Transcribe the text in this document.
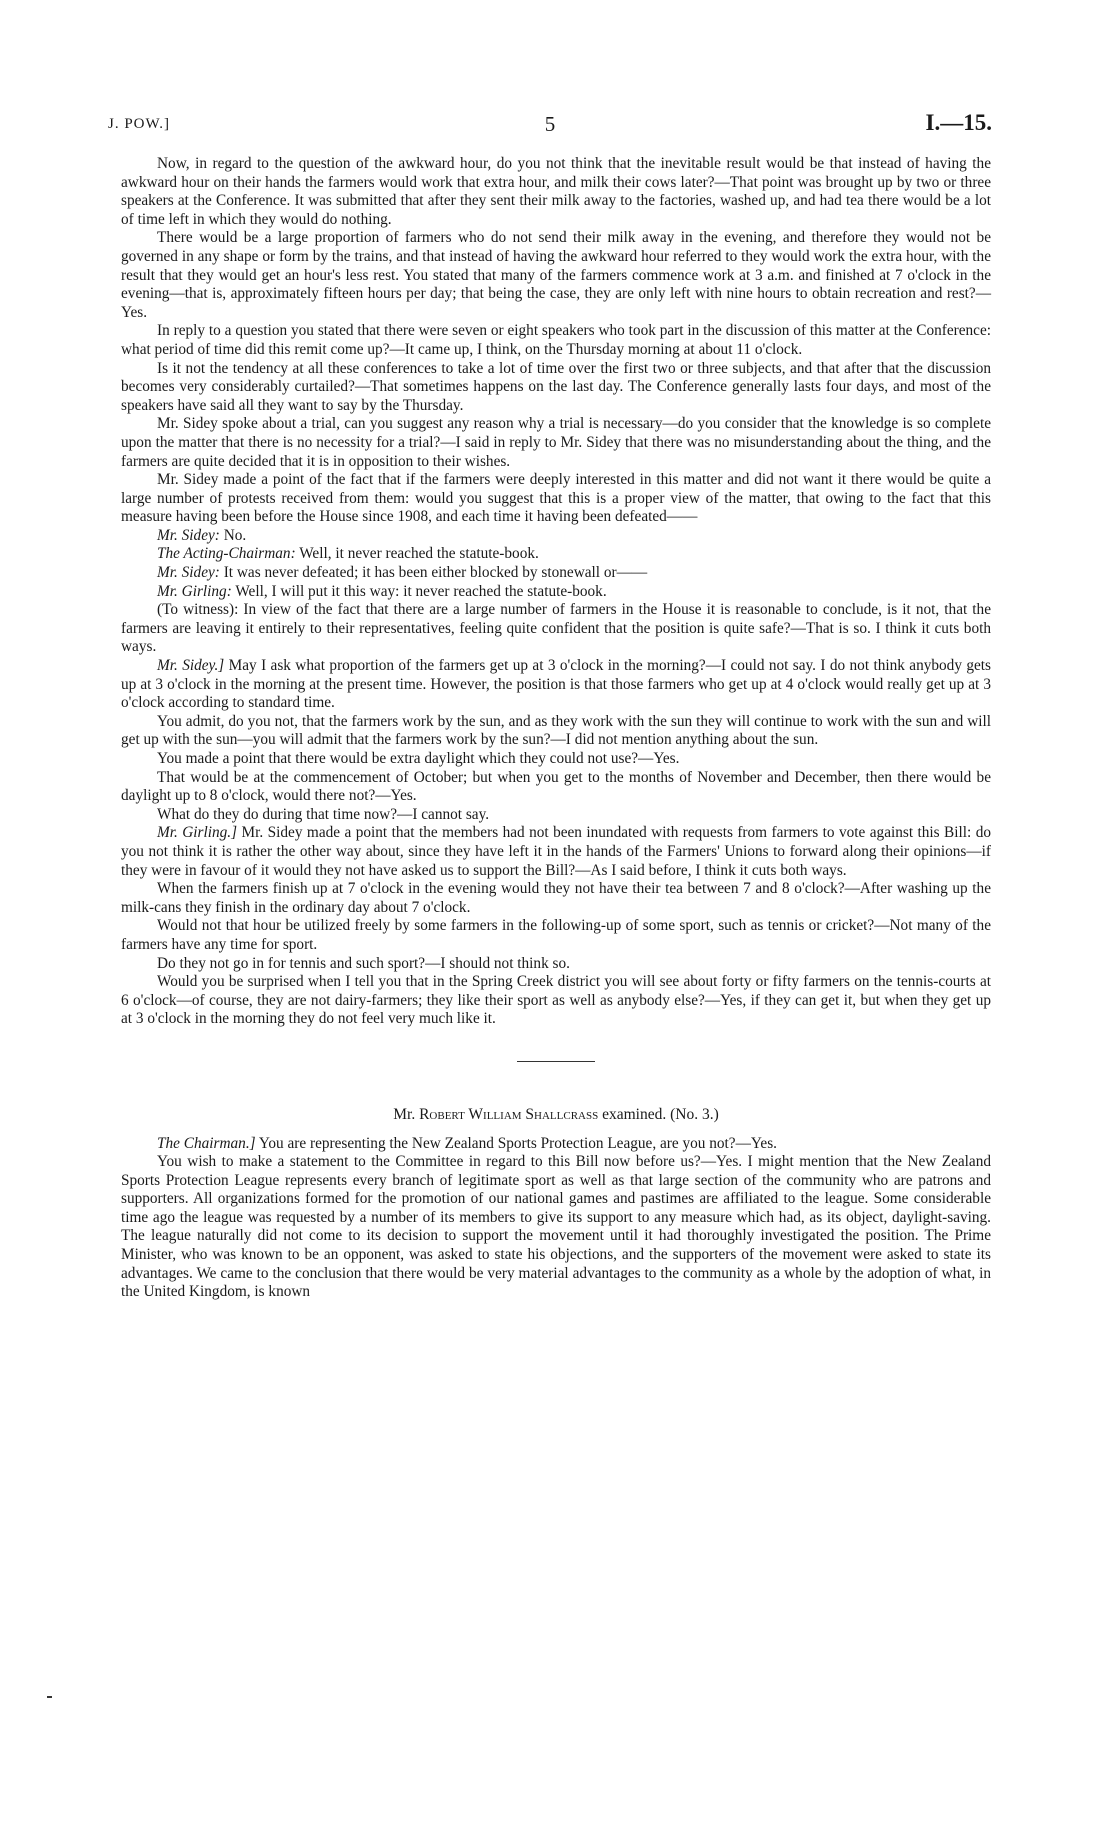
J. POW.]	5	I.—15.

Now, in regard to the question of the awkward hour, do you not think that the inevitable result would be that instead of having the awkward hour on their hands the farmers would work that extra hour, and milk their cows later?—That point was brought up by two or three speakers at the Conference. It was submitted that after they sent their milk away to the factories, washed up, and had tea there would be a lot of time left in which they would do nothing.

There would be a large proportion of farmers who do not send their milk away in the evening, and therefore they would not be governed in any shape or form by the trains, and that instead of having the awkward hour referred to they would work the extra hour, with the result that they would get an hour's less rest. You stated that many of the farmers commence work at 3 a.m. and finished at 7 o'clock in the evening—that is, approximately fifteen hours per day; that being the case, they are only left with nine hours to obtain recreation and rest?—Yes.

In reply to a question you stated that there were seven or eight speakers who took part in the discussion of this matter at the Conference: what period of time did this remit come up?—It came up, I think, on the Thursday morning at about 11 o'clock.

Is it not the tendency at all these conferences to take a lot of time over the first two or three subjects, and that after that the discussion becomes very considerably curtailed?—That sometimes happens on the last day. The Conference generally lasts four days, and most of the speakers have said all they want to say by the Thursday.

Mr. Sidey spoke about a trial, can you suggest any reason why a trial is necessary—do you consider that the knowledge is so complete upon the matter that there is no necessity for a trial?—I said in reply to Mr. Sidey that there was no misunderstanding about the thing, and the farmers are quite decided that it is in opposition to their wishes.

Mr. Sidey made a point of the fact that if the farmers were deeply interested in this matter and did not want it there would be quite a large number of protests received from them: would you suggest that this is a proper view of the matter, that owing to the fact that this measure having been before the House since 1908, and each time it having been defeated——

Mr. Sidey: No.

The Acting-Chairman: Well, it never reached the statute-book.

Mr. Sidey: It was never defeated; it has been either blocked by stonewall or——

Mr. Girling: Well, I will put it this way: it never reached the statute-book.

(To witness): In view of the fact that there are a large number of farmers in the House it is reasonable to conclude, is it not, that the farmers are leaving it entirely to their representatives, feeling quite confident that the position is quite safe?—That is so. I think it cuts both ways.

Mr. Sidey.] May I ask what proportion of the farmers get up at 3 o'clock in the morning?—I could not say. I do not think anybody gets up at 3 o'clock in the morning at the present time. However, the position is that those farmers who get up at 4 o'clock would really get up at 3 o'clock according to standard time.

You admit, do you not, that the farmers work by the sun, and as they work with the sun they will continue to work with the sun and will get up with the sun—you will admit that the farmers work by the sun?—I did not mention anything about the sun.

You made a point that there would be extra daylight which they could not use?—Yes.

That would be at the commencement of October; but when you get to the months of November and December, then there would be daylight up to 8 o'clock, would there not?—Yes.

What do they do during that time now?—I cannot say.

Mr. Girling.] Mr. Sidey made a point that the members had not been inundated with requests from farmers to vote against this Bill: do you not think it is rather the other way about, since they have left it in the hands of the Farmers' Unions to forward along their opinions—if they were in favour of it would they not have asked us to support the Bill?—As I said before, I think it cuts both ways.

When the farmers finish up at 7 o'clock in the evening would they not have their tea between 7 and 8 o'clock?—After washing up the milk-cans they finish in the ordinary day about 7 o'clock.

Would not that hour be utilized freely by some farmers in the following-up of some sport, such as tennis or cricket?—Not many of the farmers have any time for sport.

Do they not go in for tennis and such sport?—I should not think so.

Would you be surprised when I tell you that in the Spring Creek district you will see about forty or fifty farmers on the tennis-courts at 6 o'clock—of course, they are not dairy-farmers; they like their sport as well as anybody else?—Yes, if they can get it, but when they get up at 3 o'clock in the morning they do not feel very much like it.

Mr. Robert William Shallcrass examined. (No. 3.)

The Chairman.] You are representing the New Zealand Sports Protection League, are you not?—Yes.

You wish to make a statement to the Committee in regard to this Bill now before us?—Yes. I might mention that the New Zealand Sports Protection League represents every branch of legitimate sport as well as that large section of the community who are patrons and supporters. All organizations formed for the promotion of our national games and pastimes are affiliated to the league. Some considerable time ago the league was requested by a number of its members to give its support to any measure which had, as its object, daylight-saving. The league naturally did not come to its decision to support the movement until it had thoroughly investigated the position. The Prime Minister, who was known to be an opponent, was asked to state his objections, and the supporters of the movement were asked to state its advantages. We came to the conclusion that there would be very material advantages to the community as a whole by the adoption of what, in the United Kingdom, is known
